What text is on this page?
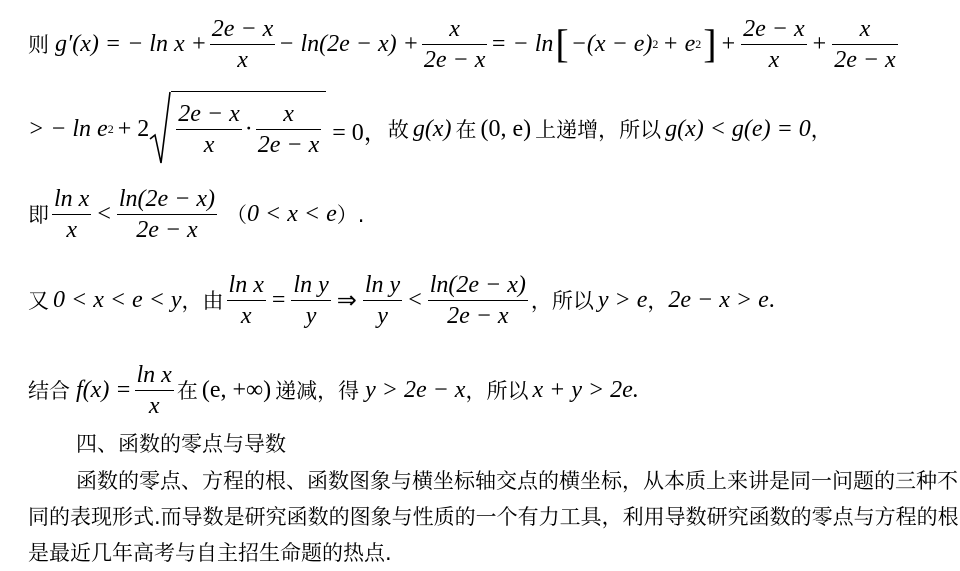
则 g′(x) = − $\ln x + \frac{2e - x}{x} - \ln(2e - x) + \frac{x}{2e - x}$ = − ln [ −(x − e) 2 + e 2 ] + $\frac{2e - x}{x} + \frac{x}{2e - x}$
> − ln e $2 + 2 \frac{2e - x}{x} \cdot \frac{x}{2e - x} = 0$， 故 g(x) 在 (0, e) 上递增，所以 g(x) < g(e) = 0 ，
即 $\frac{\text{ln x}}{x} < \frac{\ln(2e - x)}{2e - x}$ （ 0 < x < e ）.
又 0 < x < e < y ，由 $\frac{\text{ln x}}{x} = \frac{\text{ln y}}{y}$ ⇒ $\frac{\text{ln y}}{y} < \frac{\ln(2e - x)}{2e - x}$ ，所以 y > e ， 2e − x > e .
结合 $f(x) = \frac{\text{ln x}}{x}$ 在 (e, +∞) 递减，得 y > 2e − x ，所以 x + y > 2e.
四、函数的零点与导数
函数的零点、方程的根、函数图象与横坐标轴交点的横坐标，从本质上来讲是同一问题的三种不同的表现形式.而导数是研究函数的图象与性质的一个有力工具，利用导数研究函数的零点与方程的根是最近几年高考与自主招生命题的热点.
